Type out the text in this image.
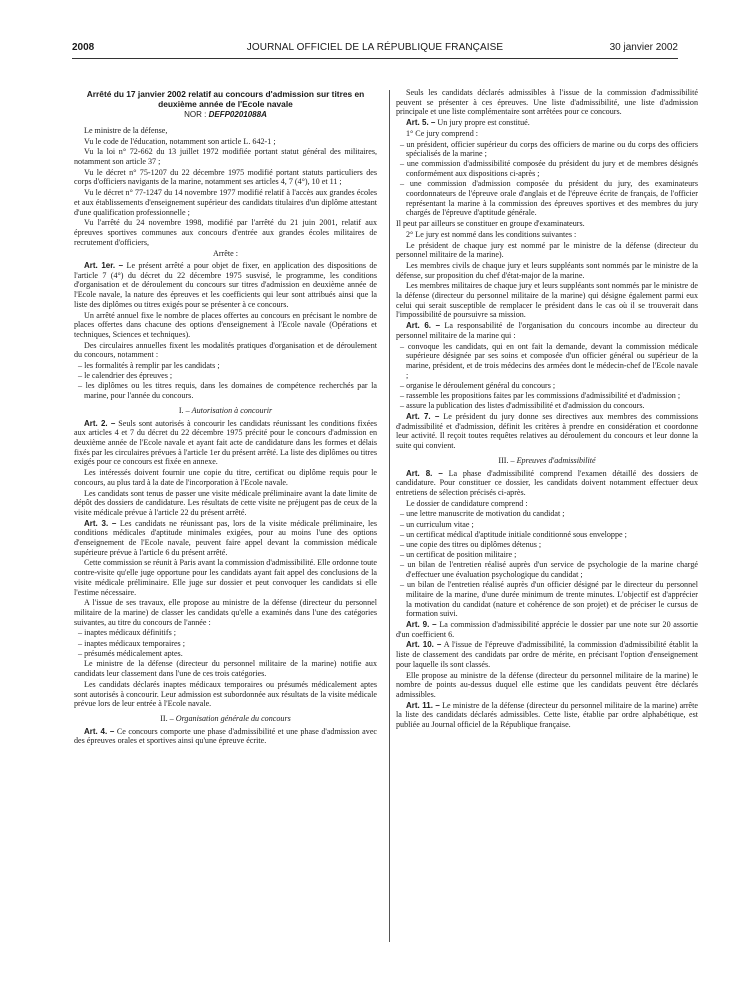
2008	JOURNAL OFFICIEL DE LA RÉPUBLIQUE FRANÇAISE	30 janvier 2002
Arrêté du 17 janvier 2002 relatif au concours d'admission sur titres en deuxième année de l'Ecole navale
NOR : DEFP0201088A

Le ministre de la défense,

Vu le code de l'éducation, notamment son article L. 642-1 ;

Vu la loi n° 72-662 du 13 juillet 1972 modifiée portant statut général des militaires, notamment son article 37 ;

Vu le décret n° 75-1207 du 22 décembre 1975 modifié portant statuts particuliers des corps d'officiers navigants de la marine, notamment ses articles 4, 7 (4°), 10 et 11 ;

Vu le décret n° 77-1247 du 14 novembre 1977 modifié relatif à l'accès aux grandes écoles et aux établissements d'enseignement supérieur des candidats titulaires d'un diplôme attestant d'une qualification professionnelle ;

Vu l'arrêté du 24 novembre 1998, modifié par l'arrêté du 21 juin 2001, relatif aux épreuves sportives communes aux concours d'entrée aux grandes écoles militaires de recrutement d'officiers,

Arrête :

Art. 1er. – Le présent arrêté a pour objet de fixer, en application des dispositions de l'article 7 (4°) du décret du 22 décembre 1975 susvisé, le programme, les conditions d'organisation et de déroulement du concours sur titres d'admission en deuxième année de l'Ecole navale, la nature des épreuves et les coefficients qui leur sont attribués ainsi que la liste des diplômes ou titres exigés pour se présenter à ce concours.

Un arrêté annuel fixe le nombre de places offertes au concours en précisant le nombre de places offertes dans chacune des options d'enseignement à l'Ecole navale (Opérations et techniques, Sciences et techniques).

Des circulaires annuelles fixent les modalités pratiques d'organisation et de déroulement du concours, notamment :

– les formalités à remplir par les candidats ;
– le calendrier des épreuves ;
– les diplômes ou les titres requis, dans les domaines de compétence recherchés par la marine, pour l'année du concours.

I. – Autorisation à concourir

Art. 2. – Seuls sont autorisés à concourir les candidats réunissant les conditions fixées aux articles 4 et 7 du décret du 22 décembre 1975 précité pour le concours d'admission en deuxième année de l'Ecole navale et ayant fait acte de candidature dans les formes et délais fixés par les circulaires prévues à l'article 1er du présent arrêté. La liste des diplômes ou titres exigés pour ce concours est fixée en annexe.

Les intéressés doivent fournir une copie du titre, certificat ou diplôme requis pour le concours, au plus tard à la date de l'incorporation à l'Ecole navale.

Les candidats sont tenus de passer une visite médicale préliminaire avant la date limite de dépôt des dossiers de candidature. Les résultats de cette visite ne préjugent pas de ceux de la visite médicale prévue à l'article 22 du présent arrêté.

Art. 3. – Les candidats ne réunissant pas, lors de la visite médicale préliminaire, les conditions médicales d'aptitude minimales exigées, pour au moins l'une des options d'enseignement de l'Ecole navale, peuvent faire appel devant la commission médicale supérieure prévue à l'article 6 du présent arrêté.

Cette commission se réunit à Paris avant la commission d'admissibilité. Elle ordonne toute contre-visite qu'elle juge opportune pour les candidats ayant fait appel des conclusions de la visite médicale préliminaire. Elle juge sur dossier et peut convoquer les candidats si elle l'estime nécessaire.

A l'issue de ses travaux, elle propose au ministre de la défense (directeur du personnel militaire de la marine) de classer les candidats qu'elle a examinés dans l'une des catégories suivantes, au titre du concours de l'année :

– inaptes médicaux définitifs ;
– inaptes médicaux temporaires ;
– présumés médicalement aptes.

Le ministre de la défense (directeur du personnel militaire de la marine) notifie aux candidats leur classement dans l'une de ces trois catégories.

Les candidats déclarés inaptes médicaux temporaires ou présumés médicalement aptes sont autorisés à concourir. Leur admission est subordonnée aux résultats de la visite médicale prévue lors de leur entrée à l'Ecole navale.

II. – Organisation générale du concours

Art. 4. – Ce concours comporte une phase d'admissibilité et une phase d'admission avec des épreuves orales et sportives ainsi qu'une épreuve écrite.

Seuls les candidats déclarés admissibles à l'issue de la commission d'admissibilité peuvent se présenter à ces épreuves. Une liste d'admissibilité, une liste d'admission principale et une liste complémentaire sont arrêtées pour ce concours.

Art. 5. – Un jury propre est constitué.

1° Ce jury comprend :

– un président, officier supérieur du corps des officiers de marine ou du corps des officiers spécialisés de la marine ;
– une commission d'admissibilité composée du président du jury et de membres désignés conformément aux dispositions ci-après ;
– une commission d'admission composée du président du jury, des examinateurs coordonnateurs de l'épreuve orale d'anglais et de l'épreuve écrite de français, de l'officier représentant la marine à la commission des épreuves sportives et des membres du jury chargés de l'épreuve d'aptitude générale.

Il peut par ailleurs se constituer en groupe d'examinateurs.

2° Le jury est nommé dans les conditions suivantes :

Le président de chaque jury est nommé par le ministre de la défense (directeur du personnel militaire de la marine).

Les membres civils de chaque jury et leurs suppléants sont nommés par le ministre de la défense, sur proposition du chef d'état-major de la marine.

Les membres militaires de chaque jury et leurs suppléants sont nommés par le ministre de la défense (directeur du personnel militaire de la marine) qui désigne également parmi eux celui qui serait susceptible de remplacer le président dans le cas où il se trouverait dans l'impossibilité de poursuivre sa mission.

Art. 6. – La responsabilité de l'organisation du concours incombe au directeur du personnel militaire de la marine qui :

– convoque les candidats, qui en ont fait la demande, devant la commission médicale supérieure désignée par ses soins et composée d'un officier général ou supérieur de la marine, président, et de trois médecins des armées dont le médecin-chef de l'Ecole navale ;
– organise le déroulement général du concours ;
– rassemble les propositions faites par les commissions d'admissibilité et d'admission ;
– assure la publication des listes d'admissibilité et d'admission du concours.

Art. 7. – Le président du jury donne ses directives aux membres des commissions d'admissibilité et d'admission, définit les critères à prendre en considération et coordonne leur activité. Il reçoit toutes requêtes relatives au déroulement du concours et leur donne la suite qui convient.

III. – Epreuves d'admissibilité

Art. 8. – La phase d'admissibilité comprend l'examen détaillé des dossiers de candidature. Pour constituer ce dossier, les candidats doivent notamment effectuer deux entretiens de sélection précisés ci-après.

Le dossier de candidature comprend :

– une lettre manuscrite de motivation du candidat ;
– un curriculum vitae ;
– un certificat médical d'aptitude initiale conditionné sous enveloppe ;
– une copie des titres ou diplômes détenus ;
– un certificat de position militaire ;
– un bilan de l'entretien réalisé auprès d'un service de psychologie de la marine chargé d'effectuer une évaluation psychologique du candidat ;
– un bilan de l'entretien réalisé auprès d'un officier désigné par le directeur du personnel militaire de la marine, d'une durée minimum de trente minutes. L'objectif est d'apprécier la motivation du candidat (nature et cohérence de son projet) et de préciser le cursus de formation suivi.

Art. 9. – La commission d'admissibilité apprécie le dossier par une note sur 20 assortie d'un coefficient 6.

Art. 10. – A l'issue de l'épreuve d'admissibilité, la commission d'admissibilité établit la liste de classement des candidats par ordre de mérite, en précisant l'option d'enseignement pour laquelle ils sont classés.

Elle propose au ministre de la défense (directeur du personnel militaire de la marine) le nombre de points au-dessus duquel elle estime que les candidats peuvent être déclarés admissibles.

Art. 11. – Le ministre de la défense (directeur du personnel militaire de la marine) arrête la liste des candidats déclarés admissibles. Cette liste, établie par ordre alphabétique, est publiée au Journal officiel de la République française.
